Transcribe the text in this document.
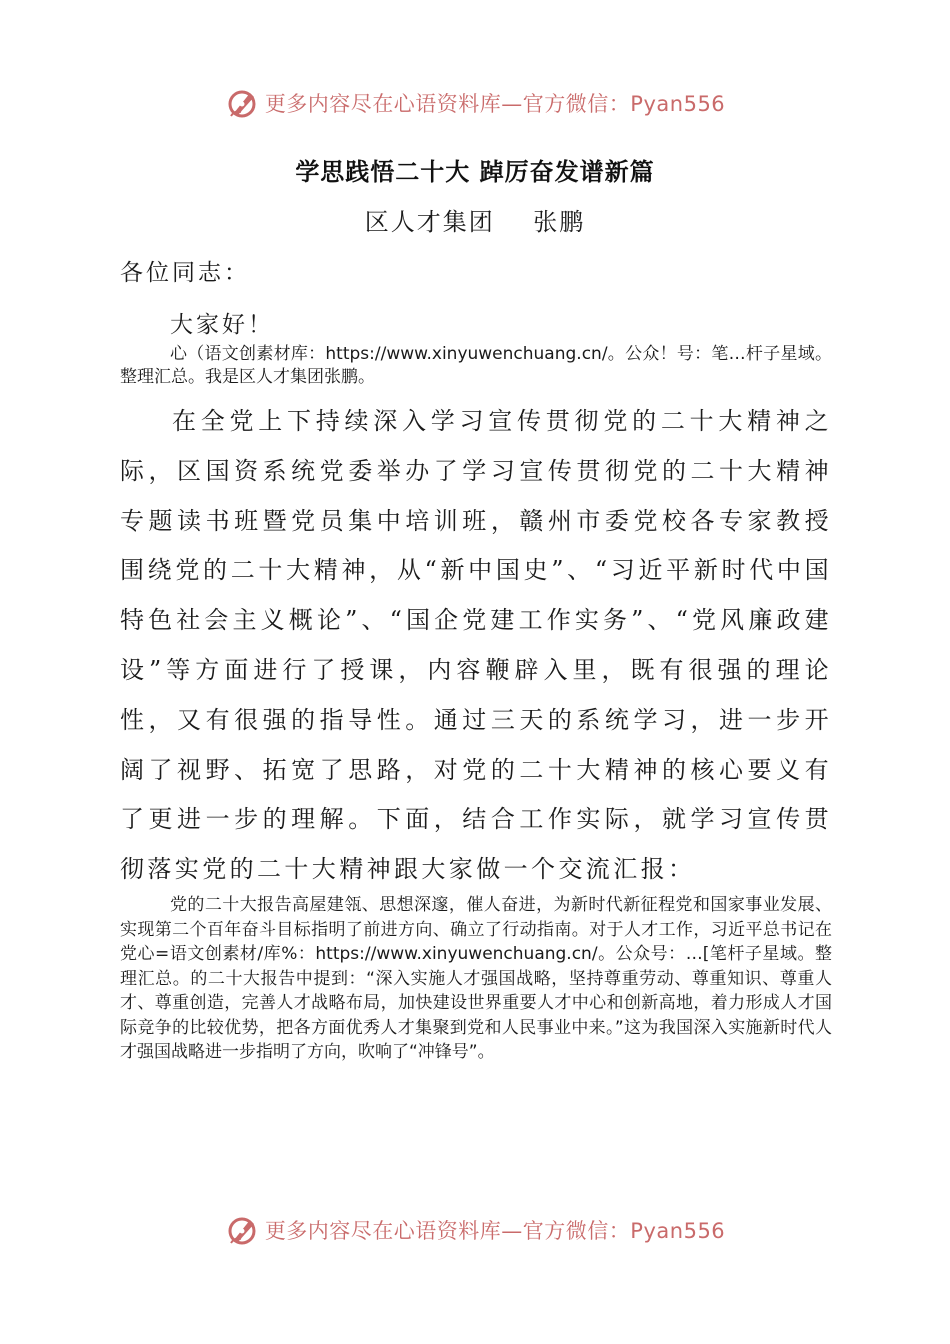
更多内容尽在心语资料库—官方微信：Pyan556
学思践悟二十大 踔厉奋发谱新篇
区人才集团    张鹏
各位同志：
大家好！

心（语文创素材库：https://www.xinyuwenchuang.cn/。公众！号：笔…杆子星域。整理汇总。我是区人才集团张鹏。

在全党上下持续深入学习宣传贯彻党的二十大精神之际，区国资系统党委举办了学习宣传贯彻党的二十大精神专题读书班暨党员集中培训班，赣州市委党校各专家教授围绕党的二十大精神，从“新中国史”、“习近平新时代中国特色社会主义概论”、“国企党建工作实务”、“党风廉政建设”等方面进行了授课，内容鞭辟入里，既有很强的理论性，又有很强的指导性。通过三天的系统学习，进一步开阔了视野、拓宽了思路，对党的二十大精神的核心要义有了更进一步的理解。下面，结合工作实际，就学习宣传贯彻落实党的二十大精神跟大家做一个交流汇报：

党的二十大报告高屋建瓴、思想深邃，催人奋进，为新时代新征程党和国家事业发展、实现第二个百年奋斗目标指明了前进方向、确立了行动指南。对于人才工作，习近平总书记在党心=语文创素材/库%：https://www.xinyuwenchuang.cn/。公众号：…[笔杆子星域。整理汇总。的二十大报告中提到：“深入实施人才强国战略，坚持尊重劳动、尊重知识、尊重人才、尊重创造，完善人才战略布局，加快建设世界重要人才中心和创新高地，着力形成人才国际竞争的比较优势，把各方面优秀人才集聚到党和人民事业中来。”这为我国深入实施新时代人才强国战略进一步指明了方向，吹响了“冲锋号”。

更多内容尽在心语资料库—官方微信：Pyan556
